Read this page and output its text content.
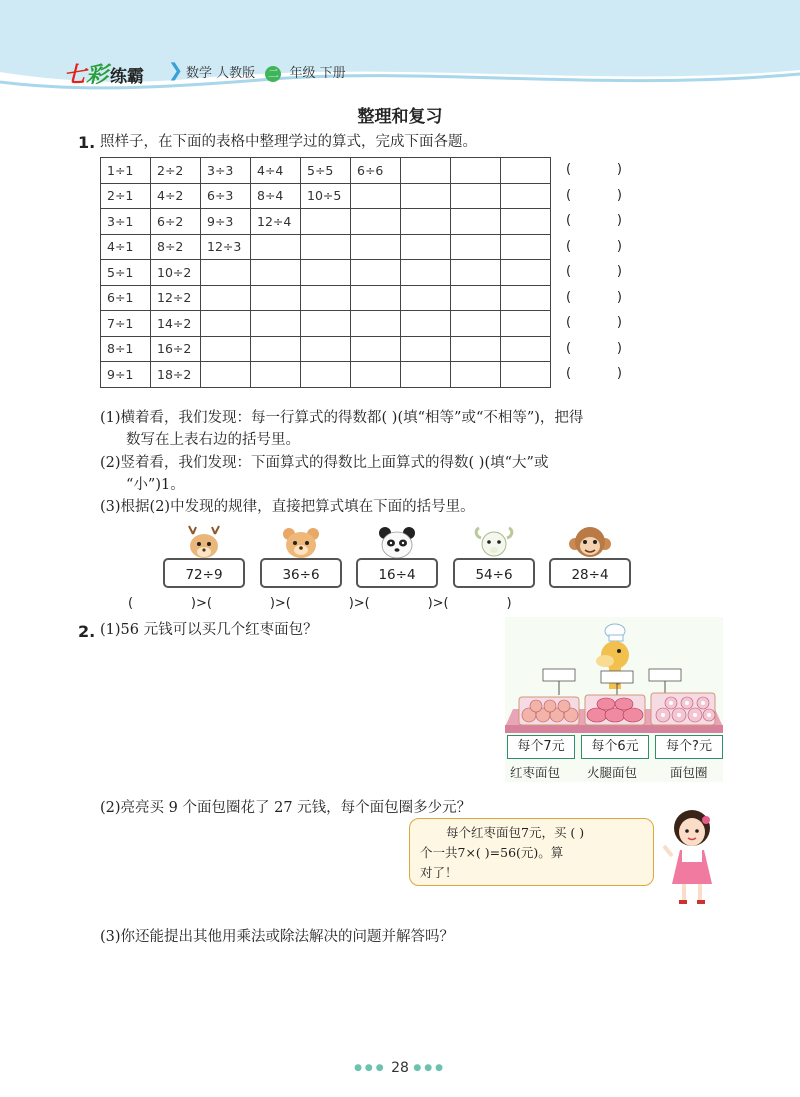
七彩 练霸 ❯ 数学 人教版 二 年级 下册
整理和复习
1. 照样子，在下面的表格中整理学过的算式，完成下面各题。
1÷1	2÷2	3÷3	4÷4	5÷5	6÷6			
2÷1	4÷2	6÷3	8÷4	10÷5				
3÷1	6÷2	9÷3	12÷4					
4÷1	8÷2	12÷3						
5÷1	10÷2							
6÷1	12÷2							
7÷1	14÷2							
8÷1	16÷2							
9÷1	18÷2							
(	)
(	)
(	)
(	)
(	)
(	)
(	)
(	)
(	)
(1)横着看，我们发现：每一行算式的得数都( )(填“相等”或“不相等”)，把得
数写在上表右边的括号里。
(2)竖着看，我们发现：下面算式的得数比上面算式的得数( )(填“大”或
“小”)1。
(3)根据(2)中发现的规律，直接把算式填在下面的括号里。
72÷9	36÷6	16÷4	54÷6	28÷4
(              )>(              )>(              )>(              )>(              )
2. (1)56 元钱可以买几个红枣面包？
每个7元	每个6元	每个?元
红枣面包 火腿面包	面包圈
(2)亮亮买 9 个面包圈花了 27 元钱，每个面包圈多少元？
每个红枣面包7元，买 ( )
个一共7×( )=56(元)。算
对了！
(3)你还能提出其他用乘法或除法解决的问题并解答吗？
●●● 28 ●●●
